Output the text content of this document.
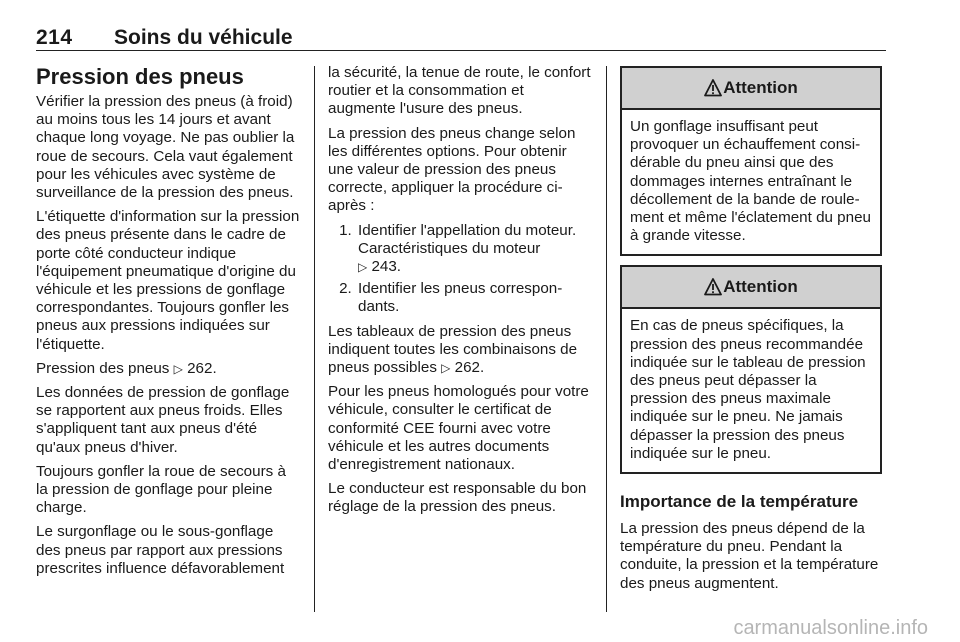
214 Soins du véhicule
Pression des pneus

Vérifier la pression des pneus (à froid) au moins tous les 14 jours et avant chaque long voyage. Ne pas oublier la roue de secours. Cela vaut également pour les véhicules avec système de surveillance de la pression des pneus.

L'étiquette d'information sur la pression des pneus présente dans le cadre de porte côté conducteur indique l'équipement pneumatique d'origine du véhicule et les pressions de gonflage correspondantes. Toujours gonfler les pneus aux pressions indiquées sur l'étiquette.

Pression des pneus ▷ 262.

Les données de pression de gonflage se rapportent aux pneus froids. Elles s'appliquent tant aux pneus d'été qu'aux pneus d'hiver.

Toujours gonfler la roue de secours à la pression de gonflage pour pleine charge.

Le surgonflage ou le sous-gonflage des pneus par rapport aux pressions prescrites influence défavorablement

la sécurité, la tenue de route, le confort routier et la consommation et augmente l'usure des pneus.

La pression des pneus change selon les différentes options. Pour obtenir une valeur de pression des pneus correcte, appliquer la procédure ci-après :

1. Identifier l'appellation du moteur. Caractéristiques du moteur
▷ 243.
2. Identifier les pneus correspondants.

Les tableaux de pression des pneus indiquent toutes les combinaisons de pneus possibles ▷ 262.

Pour les pneus homologués pour votre véhicule, consulter le certificat de conformité CEE fourni avec votre véhicule et les autres documents d'enregistrement nationaux.

Le conducteur est responsable du bon réglage de la pression des pneus.

Attention
Un gonflage insuffisant peut provoquer un échauffement considérable du pneu ainsi que des dommages internes entraînant le décollement de la bande de roulement et même l'éclatement du pneu à grande vitesse.
Attention
En cas de pneus spécifiques, la pression des pneus recommandée indiquée sur le tableau de pression des pneus peut dépasser la pression des pneus maximale indiquée sur le pneu. Ne jamais dépasser la pression des pneus indiquée sur le pneu.
Importance de la température

La pression des pneus dépend de la température du pneu. Pendant la conduite, la pression et la température des pneus augmentent.

carmanualsonline.info
